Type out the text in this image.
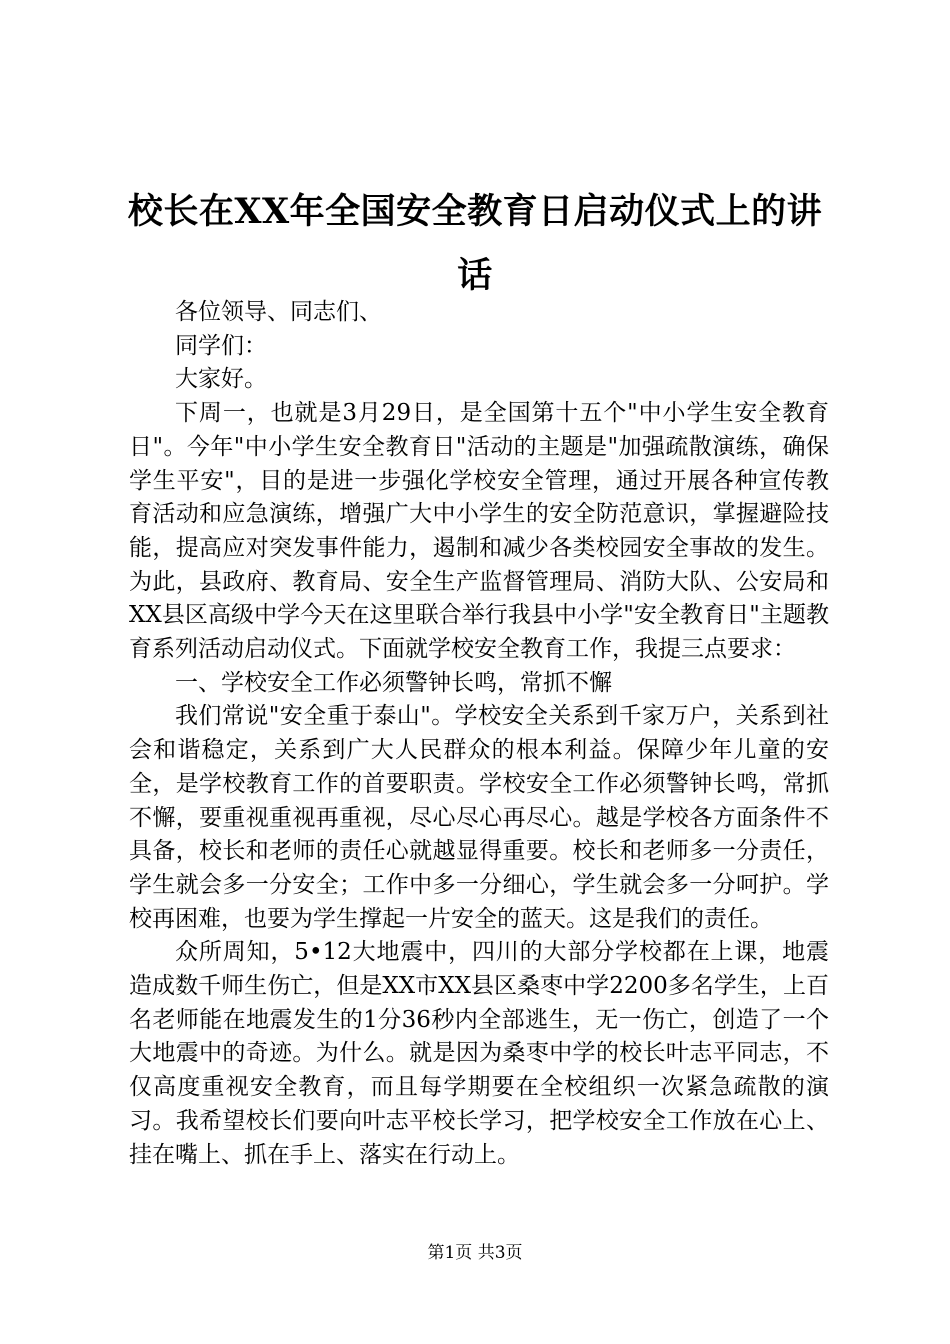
校长在XX年全国安全教育日启动仪式上的讲话

各位领导、同志们、

同学们：

大家好。

下周一，也就是3月29日，是全国第十五个"中小学生安全教育日"。今年"中小学生安全教育日"活动的主题是"加强疏散演练，确保学生平安"，目的是进一步强化学校安全管理，通过开展各种宣传教育活动和应急演练，增强广大中小学生的安全防范意识，掌握避险技能，提高应对突发事件能力，遏制和减少各类校园安全事故的发生。为此，县政府、教育局、安全生产监督管理局、消防大队、公安局和XX县区高级中学今天在这里联合举行我县中小学"安全教育日"主题教育系列活动启动仪式。下面就学校安全教育工作，我提三点要求：

一、学校安全工作必须警钟长鸣，常抓不懈

我们常说"安全重于泰山"。学校安全关系到千家万户，关系到社会和谐稳定，关系到广大人民群众的根本利益。保障少年儿童的安全，是学校教育工作的首要职责。学校安全工作必须警钟长鸣，常抓不懈，要重视重视再重视，尽心尽心再尽心。越是学校各方面条件不具备，校长和老师的责任心就越显得重要。校长和老师多一分责任，学生就会多一分安全；工作中多一分细心，学生就会多一分呵护。学校再困难，也要为学生撑起一片安全的蓝天。这是我们的责任。

众所周知，5•12大地震中，四川的大部分学校都在上课，地震造成数千师生伤亡，但是XX市XX县区桑枣中学2200多名学生，上百名老师能在地震发生的1分36秒内全部逃生，无一伤亡，创造了一个大地震中的奇迹。为什么。就是因为桑枣中学的校长叶志平同志，不仅高度重视安全教育，而且每学期要在全校组织一次紧急疏散的演习。我希望校长们要向叶志平校长学习，把学校安全工作放在心上、挂在嘴上、抓在手上、落实在行动上。

第1页 共3页
